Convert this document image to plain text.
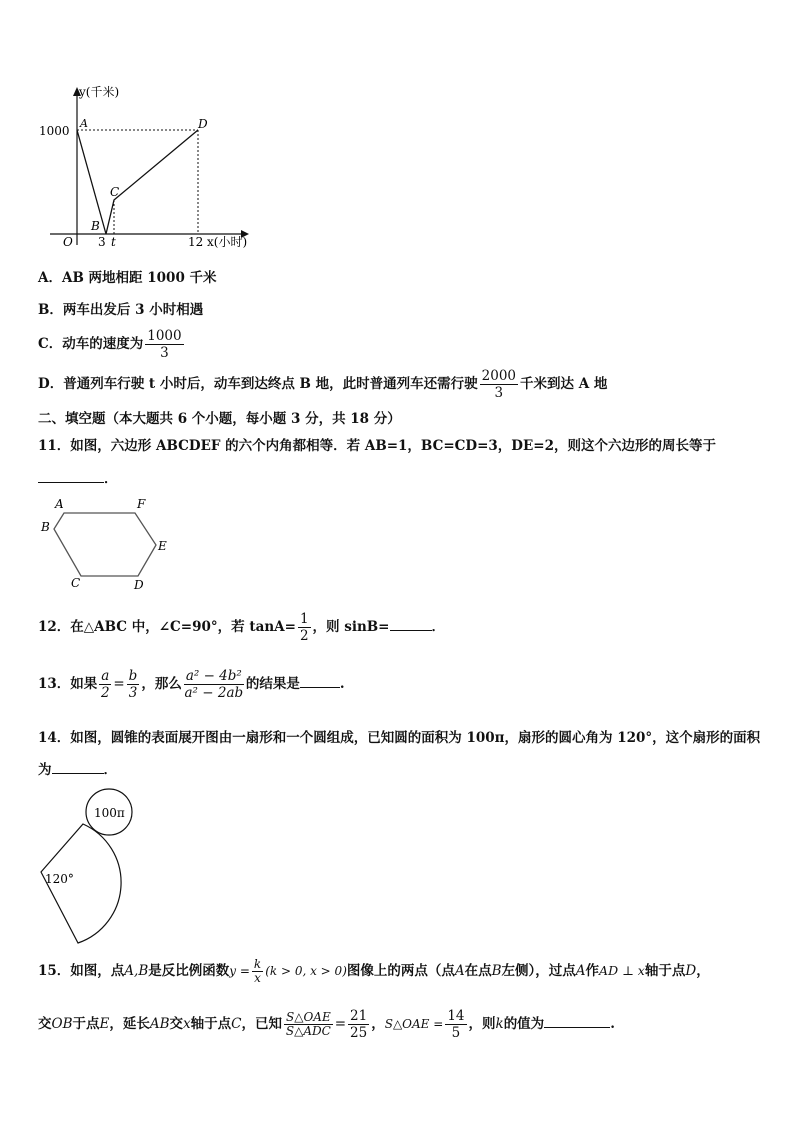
y(千米)
1000
O 3 t	12 x(小时)
A
B
C
D
A．AB 两地相距 1000 千米
B．两车出发后 3 小时相遇
C．动车的速度为 $\frac{1000}{3}$
D．普通列车行驶 t 小时后，动车到达终点 B 地，此时普通列车还需行驶 $\frac{2000}{3}$ 千米到达 A 地
二、填空题（本大题共 6 个小题，每小题 3 分，共 18 分）
11．如图，六边形 ABCDEF 的六个内角都相等．若 AB=1，BC=CD=3，DE=2，则这个六边形的周长等于
．
A
B
C	D
E
F
12．在△ABC 中，∠C=90°，若 $\tan A= \frac{1}{2}$ ，则 sinB=	．
13．如果 $\frac{a}{2} = \frac{b}{3}$ ，那么 $\frac{\text{a² − 4b²}}{\text{a² − 2ab}}$ 的结果是	.
14．如图，圆锥的表面展开图由一扇形和一个圆组成，已知圆的面积为 100π，扇形的圆心角为 120°，这个扇形的面积
为	．
100π
120°
15．如图，点A,B是反比例函数$y = \frac{k}{x} (k > 0$, x > 0)图像上的两点（点A在点B左侧），过点A作AD ⊥ x轴于点D，
交OB于点E，延长AB交x轴于点C，已知 $\frac{\text{S△OAE}}{\text{S△ADC}} = \frac{21}{25}$ ，S△OAE = $\frac{14}{5}$ ，则k的值为	.
